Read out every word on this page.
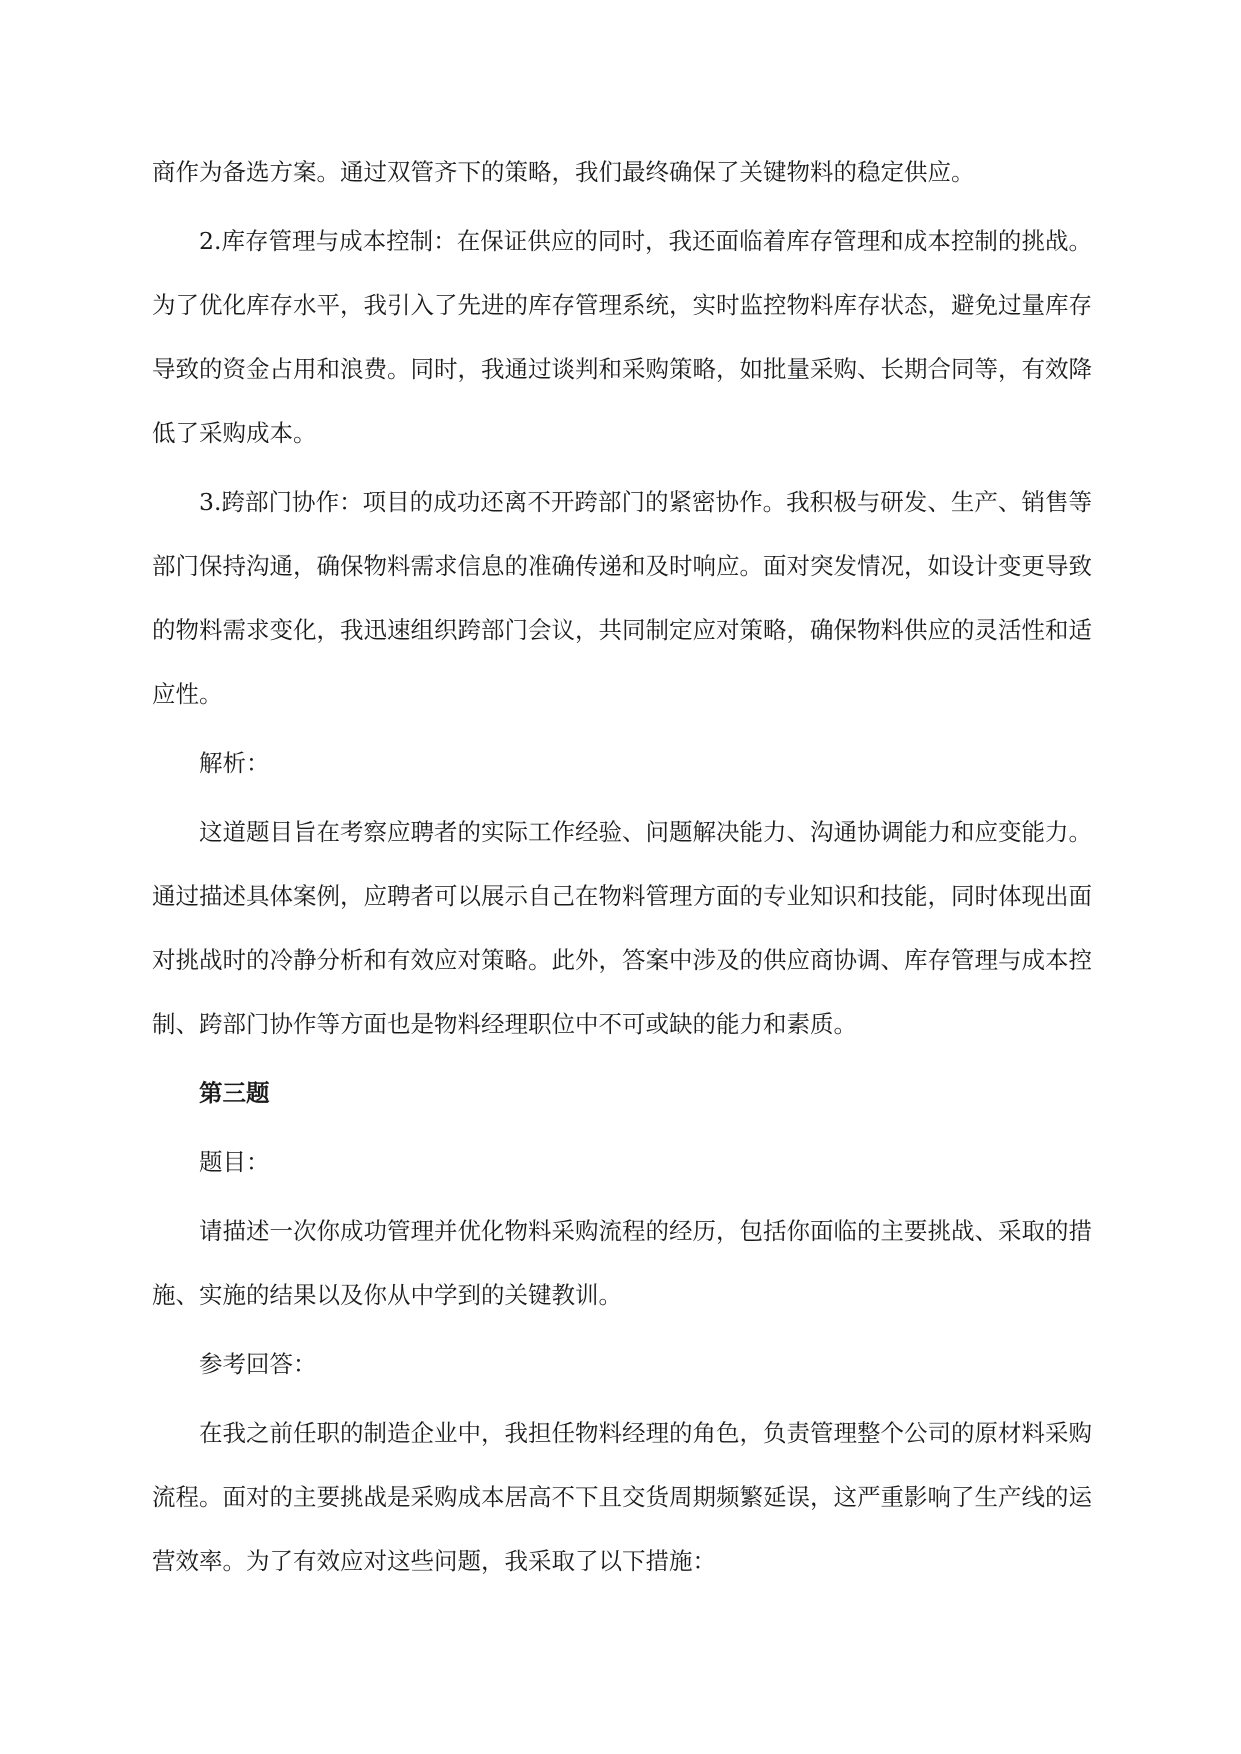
商作为备选方案。通过双管齐下的策略，我们最终确保了关键物料的稳定供应。

2.库存管理与成本控制：在保证供应的同时，我还面临着库存管理和成本控制的挑战。为了优化库存水平，我引入了先进的库存管理系统，实时监控物料库存状态，避免过量库存导致的资金占用和浪费。同时，我通过谈判和采购策略，如批量采购、长期合同等，有效降低了采购成本。

3.跨部门协作：项目的成功还离不开跨部门的紧密协作。我积极与研发、生产、销售等部门保持沟通，确保物料需求信息的准确传递和及时响应。面对突发情况，如设计变更导致的物料需求变化，我迅速组织跨部门会议，共同制定应对策略，确保物料供应的灵活性和适应性。

解析：

这道题目旨在考察应聘者的实际工作经验、问题解决能力、沟通协调能力和应变能力。通过描述具体案例，应聘者可以展示自己在物料管理方面的专业知识和技能，同时体现出面对挑战时的冷静分析和有效应对策略。此外，答案中涉及的供应商协调、库存管理与成本控制、跨部门协作等方面也是物料经理职位中不可或缺的能力和素质。

第三题

题目：

请描述一次你成功管理并优化物料采购流程的经历，包括你面临的主要挑战、采取的措施、实施的结果以及你从中学到的关键教训。

参考回答：

在我之前任职的制造企业中，我担任物料经理的角色，负责管理整个公司的原材料采购流程。面对的主要挑战是采购成本居高不下且交货周期频繁延误，这严重影响了生产线的运营效率。为了有效应对这些问题，我采取了以下措施：
